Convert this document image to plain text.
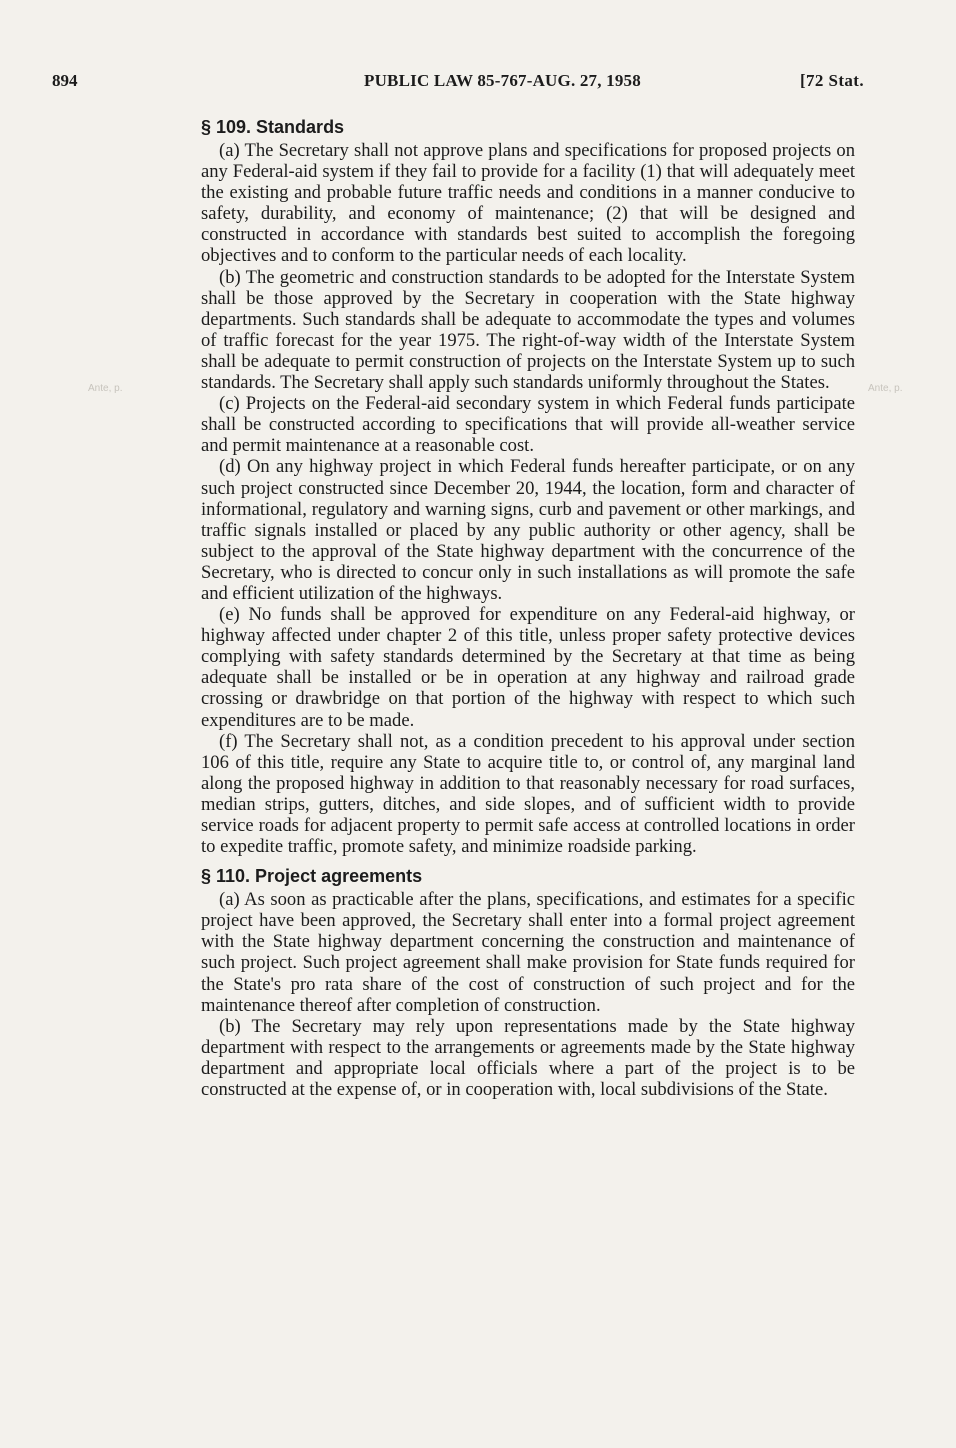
894	PUBLIC LAW 85-767-AUG. 27, 1958	[72 Stat.
Ante, p.	Ante, p.
§ 109. Standards

(a) The Secretary shall not approve plans and specifications for proposed projects on any Federal-aid system if they fail to provide for a facility (1) that will adequately meet the existing and probable future traffic needs and conditions in a manner conducive to safety, durability, and economy of maintenance; (2) that will be designed and constructed in accordance with standards best suited to accomplish the foregoing objectives and to conform to the particular needs of each locality.

(b) The geometric and construction standards to be adopted for the Interstate System shall be those approved by the Secretary in cooperation with the State highway departments. Such standards shall be adequate to accommodate the types and volumes of traffic forecast for the year 1975. The right-of-way width of the Interstate System shall be adequate to permit construction of projects on the Interstate System up to such standards. The Secretary shall apply such standards uniformly throughout the States.

(c) Projects on the Federal-aid secondary system in which Federal funds participate shall be constructed according to specifications that will provide all-weather service and permit maintenance at a reasonable cost.

(d) On any highway project in which Federal funds hereafter participate, or on any such project constructed since December 20, 1944, the location, form and character of informational, regulatory and warning signs, curb and pavement or other markings, and traffic signals installed or placed by any public authority or other agency, shall be subject to the approval of the State highway department with the concurrence of the Secretary, who is directed to concur only in such installations as will promote the safe and efficient utilization of the highways.

(e) No funds shall be approved for expenditure on any Federal-aid highway, or highway affected under chapter 2 of this title, unless proper safety protective devices complying with safety standards determined by the Secretary at that time as being adequate shall be installed or be in operation at any highway and railroad grade crossing or drawbridge on that portion of the highway with respect to which such expenditures are to be made.

(f) The Secretary shall not, as a condition precedent to his approval under section 106 of this title, require any State to acquire title to, or control of, any marginal land along the proposed highway in addition to that reasonably necessary for road surfaces, median strips, gutters, ditches, and side slopes, and of sufficient width to provide service roads for adjacent property to permit safe access at controlled locations in order to expedite traffic, promote safety, and minimize roadside parking.

§ 110. Project agreements

(a) As soon as practicable after the plans, specifications, and estimates for a specific project have been approved, the Secretary shall enter into a formal project agreement with the State highway department concerning the construction and maintenance of such project. Such project agreement shall make provision for State funds required for the State's pro rata share of the cost of construction of such project and for the maintenance thereof after completion of construction.

(b) The Secretary may rely upon representations made by the State highway department with respect to the arrangements or agreements made by the State highway department and appropriate local officials where a part of the project is to be constructed at the expense of, or in cooperation with, local subdivisions of the State.
